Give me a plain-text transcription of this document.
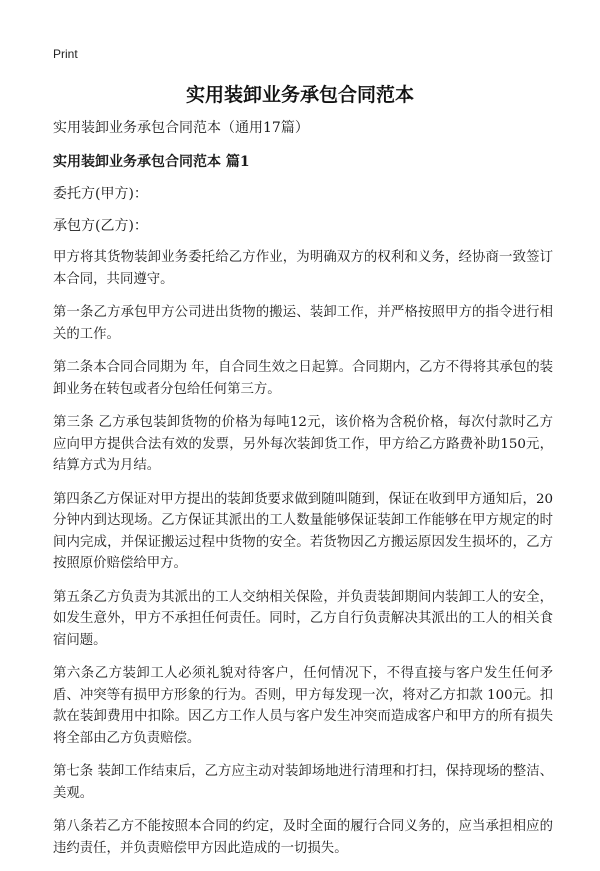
Print
实用装卸业务承包合同范本

实用装卸业务承包合同范本（通用17篇）

实用装卸业务承包合同范本 篇1

委托方(甲方)：

承包方(乙方)：

甲方将其货物装卸业务委托给乙方作业，为明确双方的权利和义务，经协商一致签订本合同，共同遵守。

第一条乙方承包甲方公司进出货物的搬运、装卸工作，并严格按照甲方的指令进行相关的工作。

第二条本合同合同期为 年，自合同生效之日起算。合同期内，乙方不得将其承包的装卸业务在转包或者分包给任何第三方。

第三条 乙方承包装卸货物的价格为每吨12元，该价格为含税价格，每次付款时乙方应向甲方提供合法有效的发票，另外每次装卸货工作，甲方给乙方路费补助150元，结算方式为月结。

第四条乙方保证对甲方提出的装卸货要求做到随叫随到，保证在收到甲方通知后，20分钟内到达现场。乙方保证其派出的工人数量能够保证装卸工作能够在甲方规定的时间内完成，并保证搬运过程中货物的安全。若货物因乙方搬运原因发生损坏的，乙方按照原价赔偿给甲方。

第五条乙方负责为其派出的工人交纳相关保险，并负责装卸期间内装卸工人的安全，如发生意外，甲方不承担任何责任。同时，乙方自行负责解决其派出的工人的相关食宿问题。

第六条乙方装卸工人必须礼貌对待客户，任何情况下，不得直接与客户发生任何矛盾、冲突等有损甲方形象的行为。否则，甲方每发现一次，将对乙方扣款 100元。扣款在装卸费用中扣除。因乙方工作人员与客户发生冲突而造成客户和甲方的所有损失将全部由乙方负责赔偿。

第七条 装卸工作结束后，乙方应主动对装卸场地进行清理和打扫，保持现场的整洁、美观。

第八条若乙方不能按照本合同的约定，及时全面的履行合同义务的，应当承担相应的违约责任，并负责赔偿甲方因此造成的一切损失。
